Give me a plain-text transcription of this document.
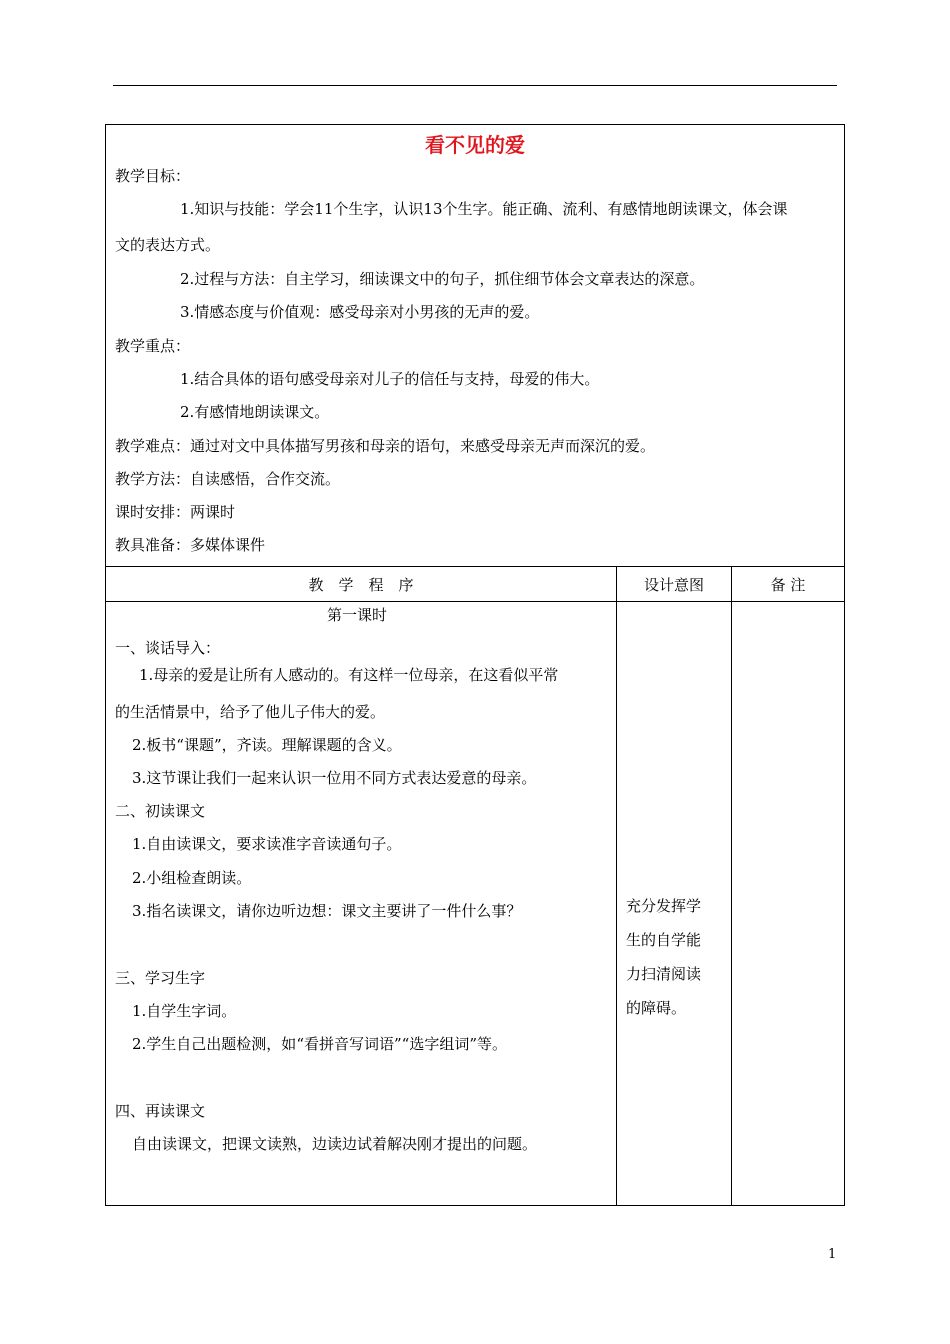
看不见的爱
教学目标：
1.知识与技能：学会11个生字，认识13个生字。能正确、流利、有感情地朗读课文，体会课
文的表达方式。
2.过程与方法：自主学习，细读课文中的句子，抓住细节体会文章表达的深意。
3.情感态度与价值观：感受母亲对小男孩的无声的爱。
教学重点：
1.结合具体的语句感受母亲对儿子的信任与支持，母爱的伟大。
2.有感情地朗读课文。
教学难点：通过对文中具体描写男孩和母亲的语句，来感受母亲无声而深沉的爱。
教学方法：自读感悟，合作交流。
课时安排：两课时
教具准备：多媒体课件
教　学　程　序	设计意图	备 注
第一课时
一、谈话导入：
1.母亲的爱是让所有人感动的。有这样一位母亲，在这看似平常
的生活情景中，给予了他儿子伟大的爱。
2.板书“课题”，齐读。理解课题的含义。
3.这节课让我们一起来认识一位用不同方式表达爱意的母亲。
二、初读课文
1.自由读课文，要求读准字音读通句子。
2.小组检查朗读。
3.指名读课文，请你边听边想：课文主要讲了一件什么事？
三、学习生字
1.自学生字词。
2.学生自己出题检测，如“看拼音写词语”“选字组词”等。
四、再读课文
自由读课文，把课文读熟，边读边试着解决刚才提出的问题。
充分发挥学
生的自学能
力扫清阅读
的障碍。
1
